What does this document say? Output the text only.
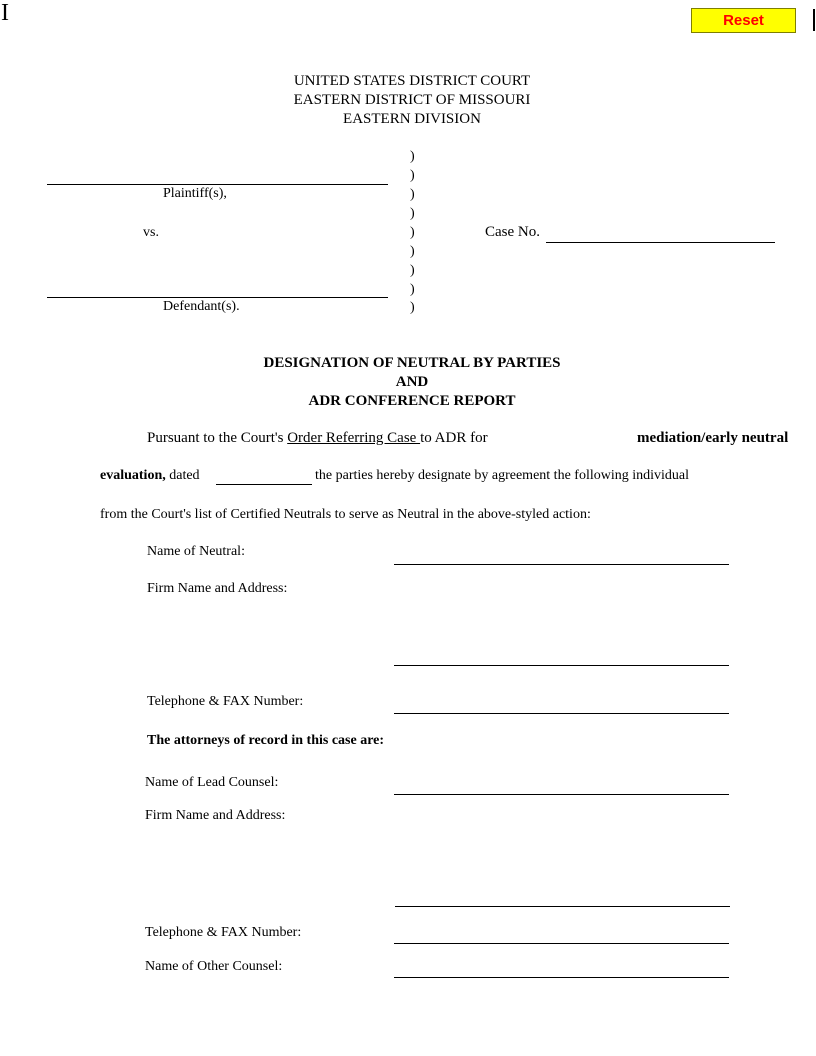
I	Reset
UNITED STATES DISTRICT COURT
EASTERN DISTRICT OF MISSOURI
EASTERN DIVISION
)
)
)
)
)
)
)
)
)
Plaintiff(s),
vs.
Defendant(s).
Case No.
DESIGNATION OF NEUTRAL BY PARTIES
AND
ADR CONFERENCE REPORT
Pursuant to the Court's Order Referring Case to ADR for	mediation/early neutral
evaluation, dated	the parties hereby designate by agreement the following individual
from the Court's list of Certified Neutrals to serve as Neutral in the above-styled action:
Name of Neutral:
Firm Name and Address:
Telephone & FAX Number:
The attorneys of record in this case are:
Name of Lead Counsel:
Firm Name and Address:
Telephone & FAX Number:
Name of Other Counsel:
